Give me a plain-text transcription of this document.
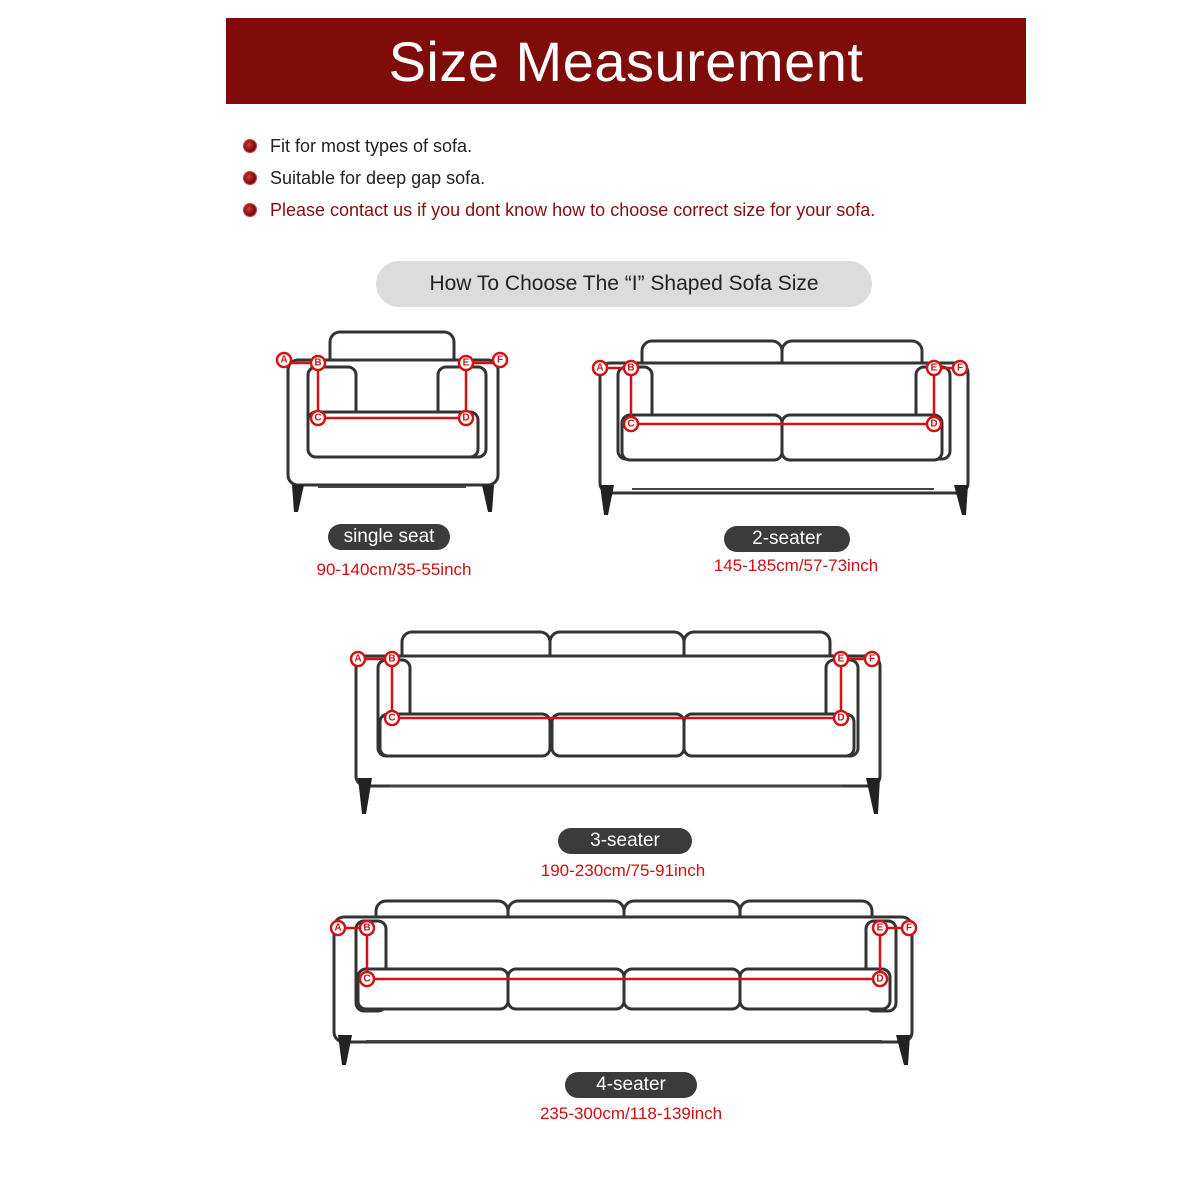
Size Measurement
Fit for most types of sofa.
Suitable for deep gap sofa.
Please contact us if you dont know how to choose correct size for your sofa.
How To Choose The “I” Shaped Sofa Size
A	B
C	D
E	F
single seat
90-140cm/35-55inch
A B
C	D
E F
2-seater
145-185cm/57-73inch
A	B
C	D
E F
3-seater
190-230cm/75-91inch
A B
C	D
E F
4-seater
235-300cm/118-139inch
